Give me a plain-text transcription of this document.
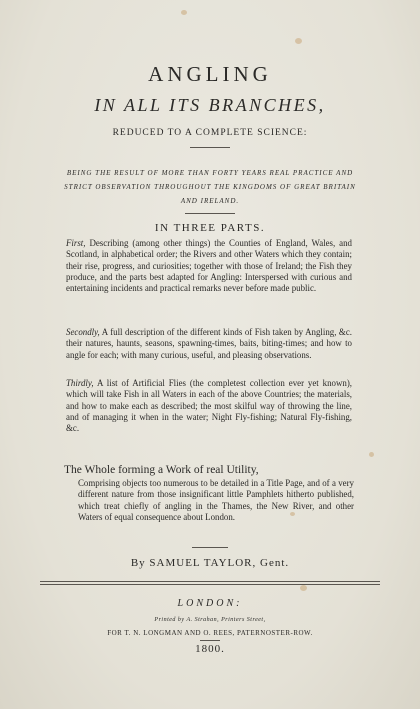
ANGLING
IN ALL ITS BRANCHES,
REDUCED TO A COMPLETE SCIENCE:
BEING THE RESULT OF MORE THAN FORTY YEARS REAL PRACTICE AND STRICT OBSERVATION THROUGHOUT THE KINGDOMS OF GREAT BRITAIN AND IRELAND.
IN THREE PARTS.
First, Describing (among other things) the Counties of England, Wales, and Scotland, in alphabetical order; the Rivers and other Waters which they contain; their rise, progress, and curiosities; together with those of Ireland; the Fish they produce, and the parts best adapted for Angling: Interspersed with curious and entertaining incidents and practical remarks never before made public.
Secondly, A full description of the different kinds of Fish taken by Angling, &c. their natures, haunts, seasons, spawning-times, baits, biting-times; and how to angle for each; with many curious, useful, and pleasing observations.
Thirdly, A list of Artificial Flies (the completest collection ever yet known), which will take Fish in all Waters in each of the above Countries; the materials, and how to make each as described; the most skilful way of throwing the line, and of managing it when in the water; Night Fly-fishing; Natural Fly-fishing, &c.
The Whole forming a Work of real Utility,
Comprising objects too numerous to be detailed in a Title Page, and of a very different nature from those insignificant little Pamphlets hitherto published, which treat chiefly of angling in the Thames, the New River, and other Waters of equal consequence about London.
By SAMUEL TAYLOR, Gent.
LONDON:
Printed by A. Strahan, Printers Street,
FOR T. N. LONGMAN AND O. REES, PATERNOSTER-ROW.
1800.
